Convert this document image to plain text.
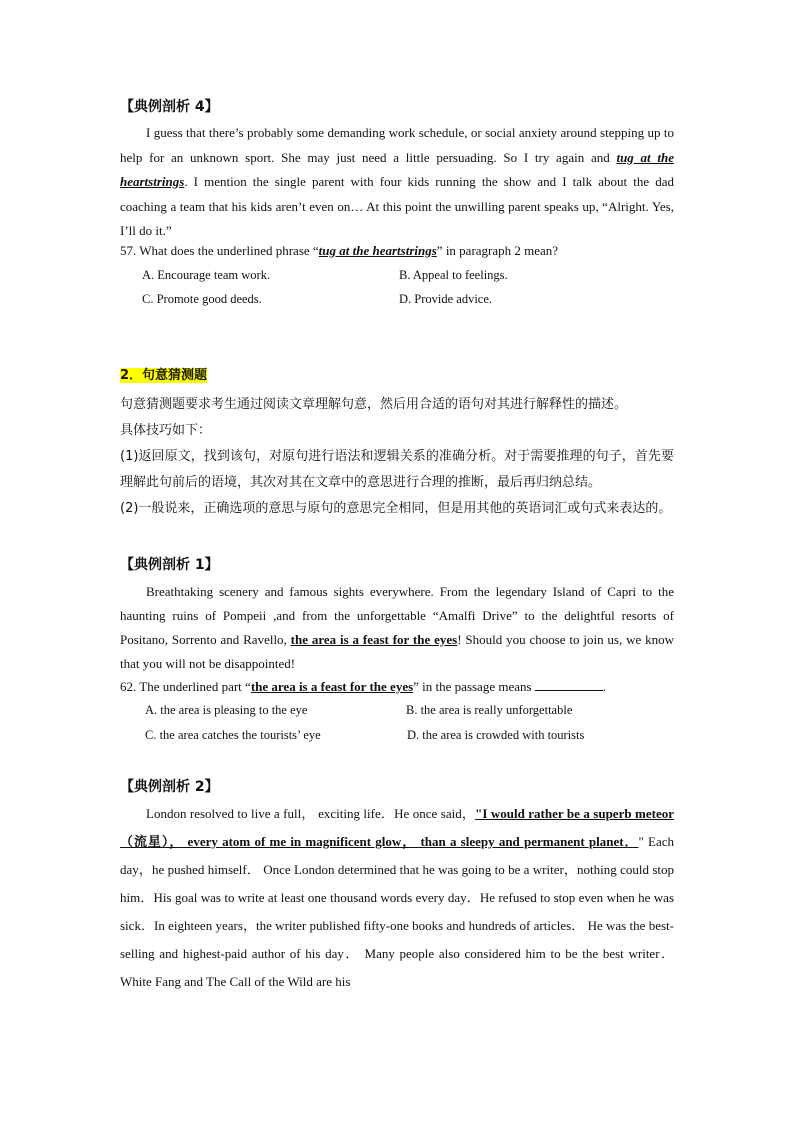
【典例剖析 4】
I guess that there’s probably some demanding work schedule, or social anxiety around stepping up to help for an unknown sport. She may just need a little persuading. So I try again and tug at the heartstrings. I mention the single parent with four kids running the show and I talk about the dad coaching a team that his kids aren’t even on… At this point the unwilling parent speaks up, “Alright. Yes, I’ll do it.”
57. What does the underlined phrase “tug at the heartstrings” in paragraph 2 mean?
A. Encourage team work.	B. Appeal to feelings.
C. Promote good deeds.	D. Provide advice.
2．句意猜测题
句意猜测题要求考生通过阅读文章理解句意，然后用合适的语句对其进行解释性的描述。
具体技巧如下：
(1)返回原文，找到该句，对原句进行语法和逻辑关系的准确分析。对于需要推理的句子，首先要理解此句前后的语境，其次对其在文章中的意思进行合理的推断，最后再归纳总结。
(2)一般说来，正确选项的意思与原句的意思完全相同，但是用其他的英语词汇或句式来表达的。
【典例剖析 1】
Breathtaking scenery and famous sights everywhere. From the legendary Island of Capri to the haunting ruins of Pompeii ,and from the unforgettable “Amalfi Drive” to the delightful resorts of Positano, Sorrento and Ravello, the area is a feast for the eyes! Should you choose to join us, we know that you will not be disappointed!
62. The underlined part “the area is a feast for the eyes” in the passage means	.
A. the area is pleasing to the eye	B. the area is really unforgettable
C. the area catches the tourists’ eye	D. the area is crowded with tourists
【典例剖析 2】
London resolved to live a full， exciting life．He once said，"I would rather be a superb meteor（流星）， every atom of me in magnificent glow， than a sleepy and permanent planet．" Each day，he pushed himself． Once London determined that he was going to be a writer，nothing could stop him．His goal was to write at least one thousand words every day．He refused to stop even when he was sick．In eighteen years，the writer published fifty-one books and hundreds of articles． He was the best-selling and highest-paid author of his day． Many people also considered him to be the best writer． White Fang and The Call of the Wild are his
